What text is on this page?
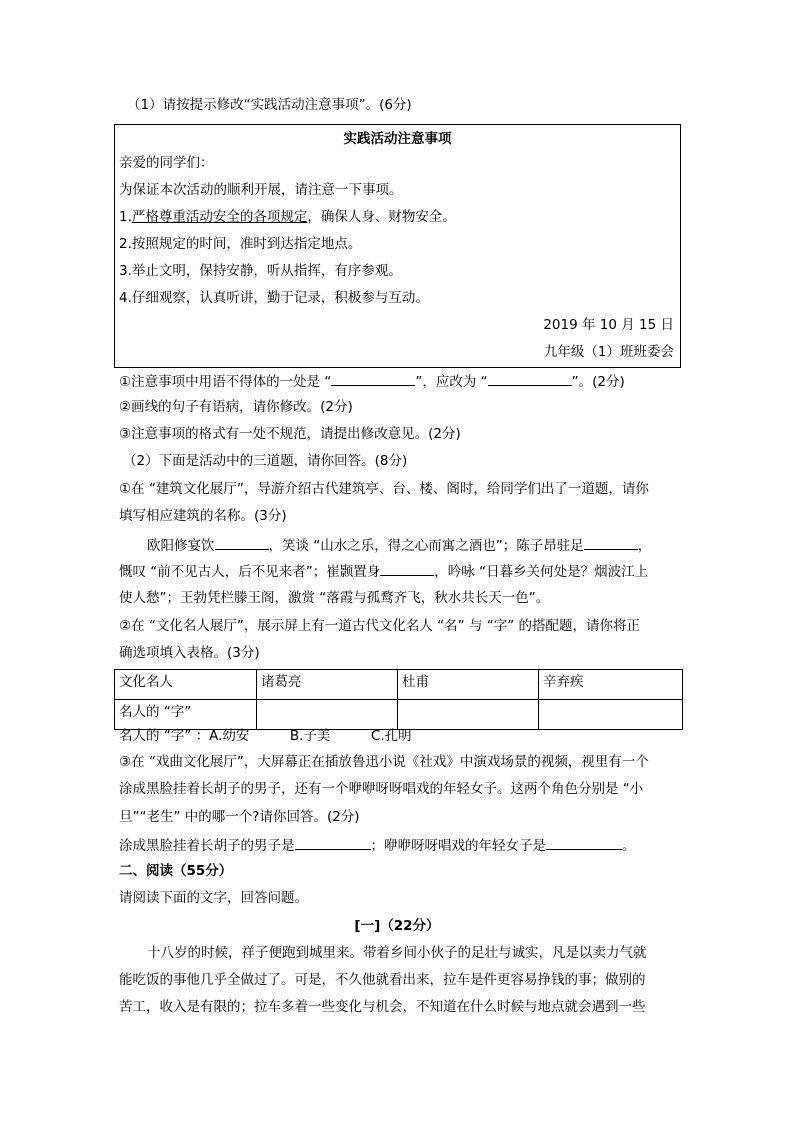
（1）请按提示修改“实践活动注意事项”。(6分)
实践活动注意事项
亲爱的同学们：
为保证本次活动的顺利开展，请注意一下事项。
1.严格尊重活动安全的各项规定，确保人身、财物安全。
2.按照规定的时间，准时到达指定地点。
3.举止文明，保持安静，听从指挥，有序参观。
4.仔细观察，认真听讲，勤于记录，积极参与互动。
2019 年 10 月 15 日
九年级（1）班班委会
①注意事项中用语不得体的一处是 “	”，应改为 “	”。(2分)
②画线的句子有语病，请你修改。(2分)
③注意事项的格式有一处不规范，请提出修改意见。(2分)
（2）下面是活动中的三道题，请你回答。(8分)
①在 “建筑文化展厅”，导游介绍古代建筑亭、台、楼、阁时，给同学们出了一道题，请你
填写相应建筑的名称。(3分)
欧阳修宴饮	，笑谈 “山水之乐，得之心而寓之酒也”；陈子昂驻足	，
慨叹 “前不见古人，后不见来者”；崔颢置身	，吟咏 “日暮乡关何处是？烟波江上
使人愁”；王勃凭栏滕王阁，激赏 “落霞与孤鹜齐飞，秋水共长天一色”。
②在 “文化名人展厅”，展示屏上有一道古代文化名人 “名” 与 “字” 的搭配题，请你将正
确选项填入表格。(3分)
文化名人	诸葛亮	杜甫	辛弃疾
名人的 “字”			
名人的 “字” ：A.幼安　　　B.子美　　　C.孔明
③在 “戏曲文化展厅”，大屏幕正在插放鲁迅小说《社戏》中演戏场景的视频，视里有一个
涂成黑脸挂着长胡子的男子，还有一个咿咿呀呀唱戏的年轻女子。这两个角色分别是 “小
旦”“老生” 中的哪一个?请你回答。(2分)
涂成黑脸挂着长胡子的男子是	；咿咿呀呀唱戏的年轻女子是	。
二、阅读（55分）
请阅读下面的文字，回答问题。
[一]（22分）
十八岁的时候，祥子便跑到城里来。带着乡间小伙子的足壮与诚实，凡是以卖力气就
能吃饭的事他几乎全做过了。可是，不久他就看出来，拉车是件更容易挣钱的事；做别的
苦工，收入是有限的；拉车多着一些变化与机会，不知道在什么时候与地点就会遇到一些
